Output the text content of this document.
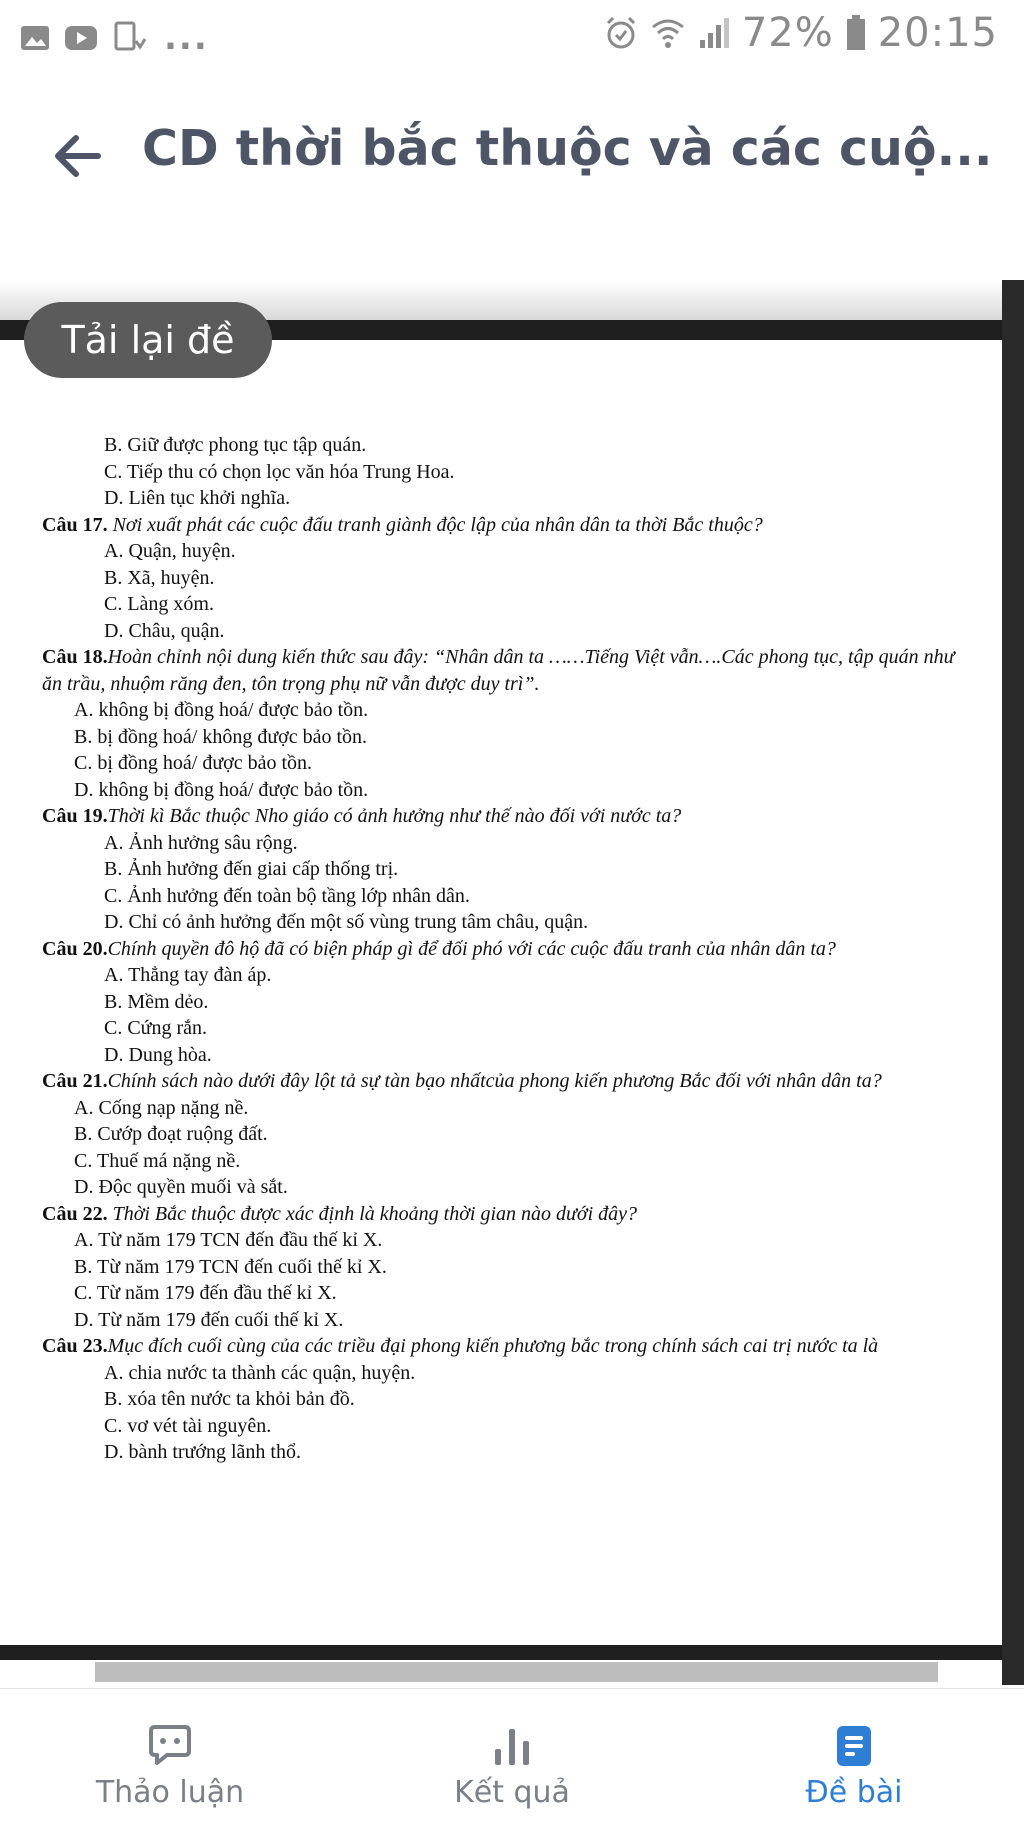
...	72% 20:15
CD thời bắc thuộc và các cuộ...

B. Giữ được phong tục tập quán.

C. Tiếp thu có chọn lọc văn hóa Trung Hoa.

D. Liên tục khởi nghĩa.

Câu 17. Nơi xuất phát các cuộc đấu tranh giành độc lập của nhân dân ta thời Bắc thuộc?

A. Quận, huyện.

B. Xã, huyện.

C. Làng xóm.

D. Châu, quận.

Câu 18.Hoàn chỉnh nội dung kiến thức sau đây: “Nhân dân ta ……Tiếng Việt vẫn….Các phong tục, tập quán như ăn trầu, nhuộm răng đen, tôn trọng phụ nữ vẫn được duy trì”.

A. không bị đồng hoá/ được bảo tồn.

B. bị đồng hoá/ không được bảo tồn.

C. bị đồng hoá/ được bảo tồn.

D. không bị đồng hoá/ được bảo tồn.

Câu 19.Thời kì Bắc thuộc Nho giáo có ảnh hưởng như thế nào đối với nước ta?

A. Ảnh hưởng sâu rộng.

B. Ảnh hưởng đến giai cấp thống trị.

C. Ảnh hưởng đến toàn bộ tầng lớp nhân dân.

D. Chỉ có ảnh hưởng đến một số vùng trung tâm châu, quận.

Câu 20.Chính quyền đô hộ đã có biện pháp gì để đối phó với các cuộc đấu tranh của nhân dân ta?

A. Thẳng tay đàn áp.

B. Mềm dẻo.

C. Cứng rắn.

D. Dung hòa.

Câu 21.Chính sách nào dưới đây lột tả sự tàn bạo nhấtcủa phong kiến phương Bắc đối với nhân dân ta?

A. Cống nạp nặng nề.

B. Cướp đoạt ruộng đất.

C. Thuế má nặng nề.

D. Độc quyền muối và sắt.

Câu 22. Thời Bắc thuộc được xác định là khoảng thời gian nào dưới đây?

A. Từ năm 179 TCN đến đầu thế kỉ X.

B. Từ năm 179 TCN đến cuối thế kỉ X.

C. Từ năm 179 đến đầu thế kỉ X.

D. Từ năm 179 đến cuối thế kỉ X.

Câu 23.Mục đích cuối cùng của các triều đại phong kiến phương bắc trong chính sách cai trị nước ta là

A. chia nước ta thành các quận, huyện.

B. xóa tên nước ta khỏi bản đồ.

C. vơ vét tài nguyên.

D. bành trướng lãnh thổ.

Tải lại đề
Thảo luận	Kết quả	Đề bài
